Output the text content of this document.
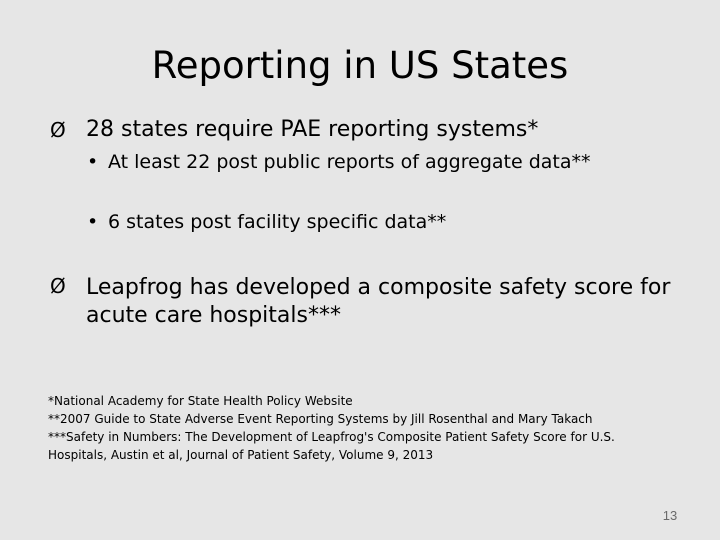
Reporting in US States
Ø 28 states require PAE reporting systems*
• At least 22 post public reports of aggregate data**
• 6 states post facility specific data**
Ø Leapfrog has developed a composite safety score for acute care hospitals***
*National Academy for State Health Policy Website
**2007 Guide to State Adverse Event Reporting Systems by Jill Rosenthal and Mary Takach
***Safety in Numbers: The Development of Leapfrog's Composite Patient Safety Score for U.S. Hospitals, Austin et al, Journal of Patient Safety, Volume 9, 2013
13
